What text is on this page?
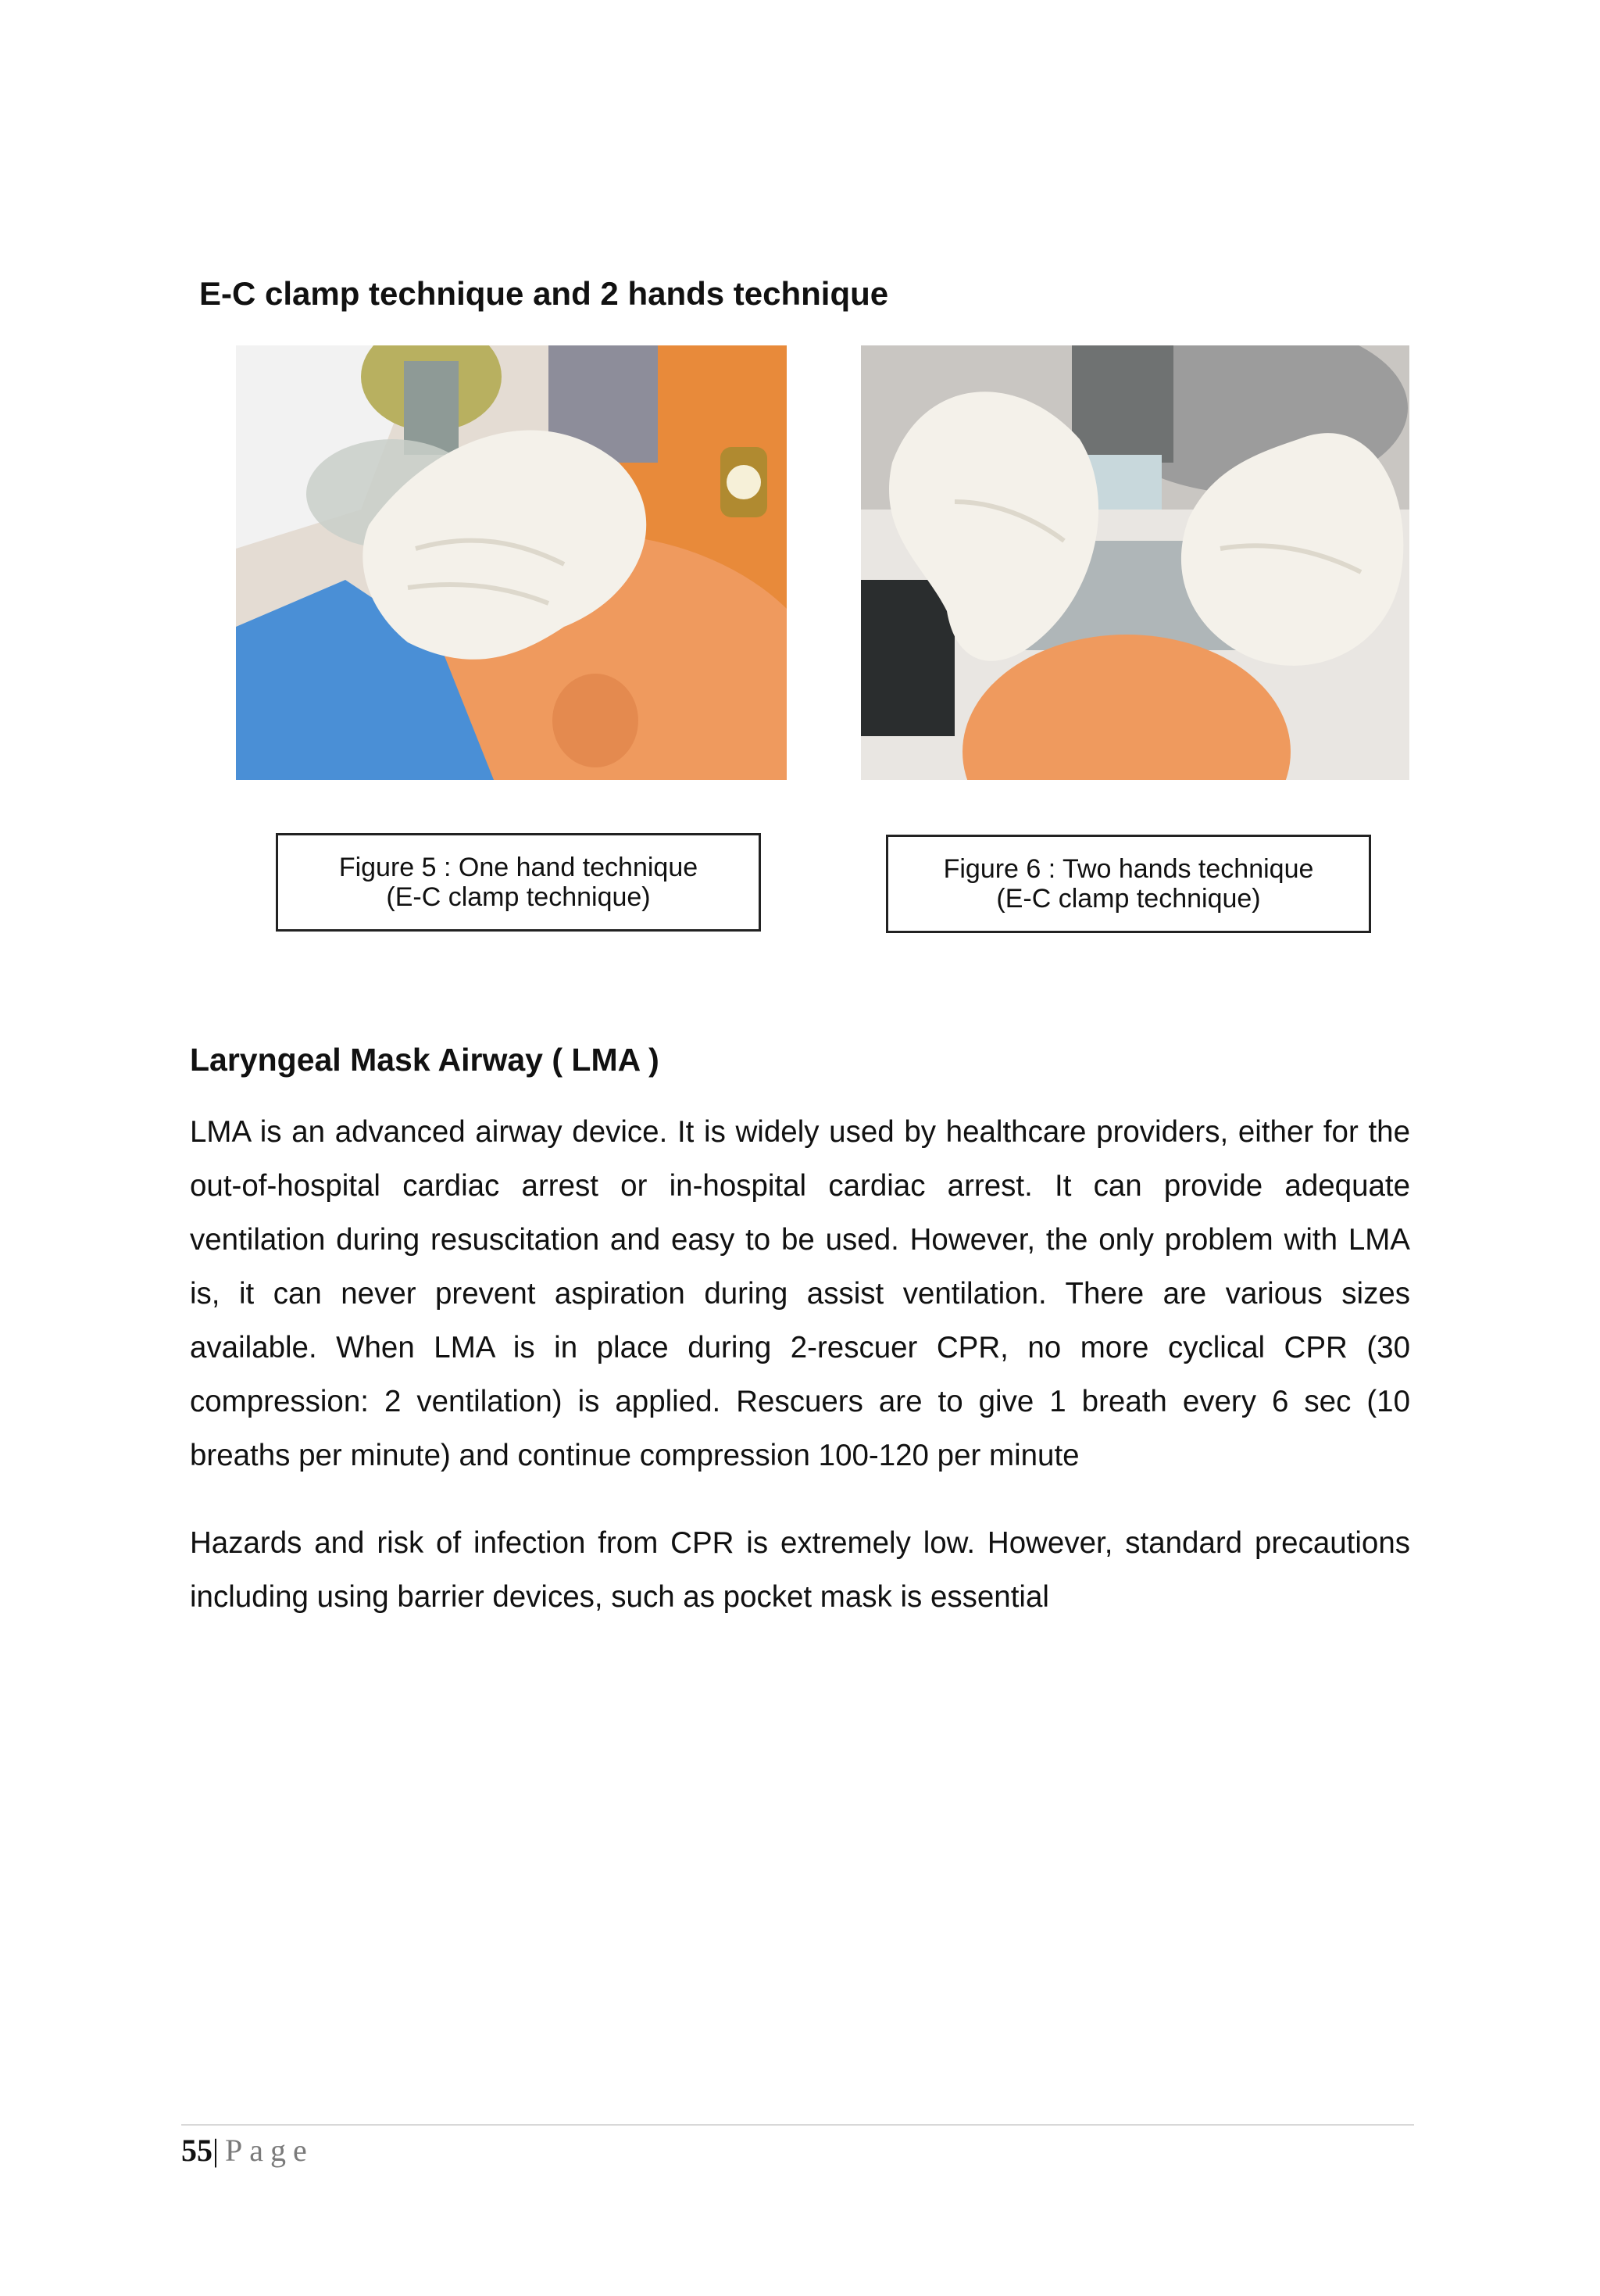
E-C clamp technique and 2 hands technique
Figure 5 : One hand technique
(E-C clamp technique)
Figure 6 : Two hands technique
(E-C clamp technique)
Laryngeal Mask Airway ( LMA )

LMA is an advanced airway device. It is widely used by healthcare providers, either for the out-of-hospital cardiac arrest or in-hospital cardiac arrest. It can provide adequate ventilation during resuscitation and easy to be used. However, the only problem with LMA is, it can never prevent aspiration during assist ventilation. There are various sizes available. When LMA is in place during 2-rescuer CPR, no more cyclical CPR (30 compression: 2 ventilation) is applied. Rescuers are to give 1 breath every 6 sec (10 breaths per minute) and continue compression 100-120 per minute

Hazards and risk of infection from CPR is extremely low. However, standard precautions including using barrier devices, such as pocket mask is essential

55| Page
